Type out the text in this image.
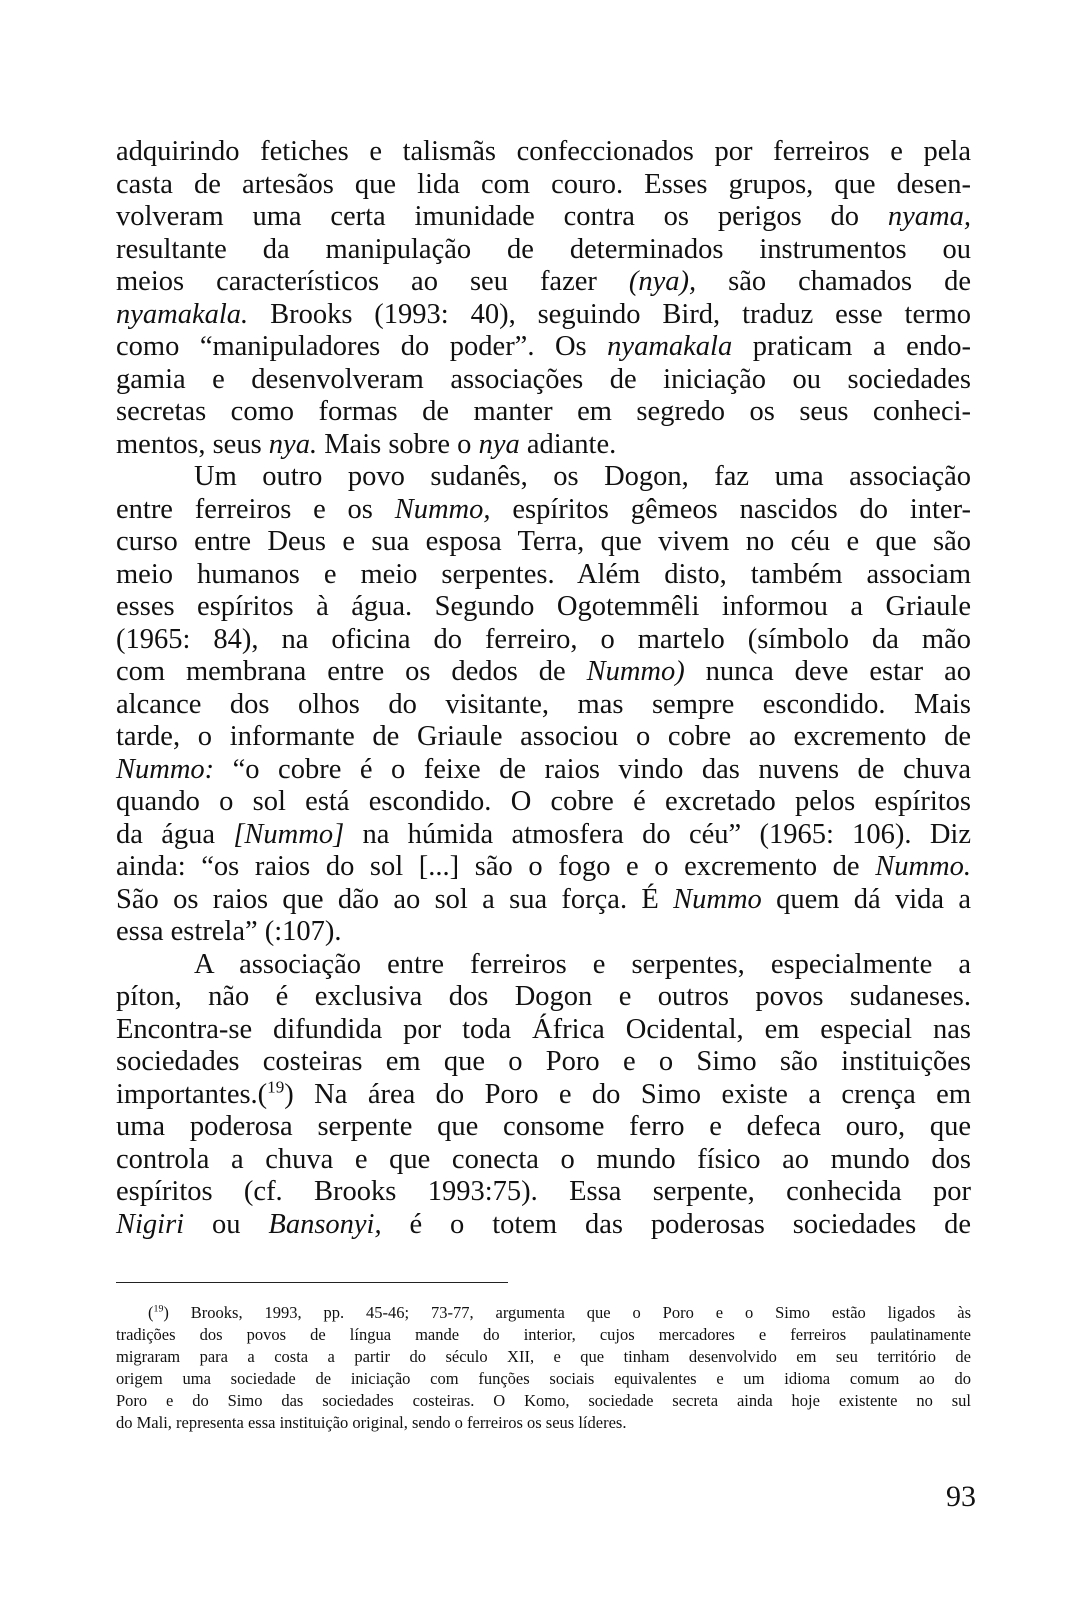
adquirindo fetiches e talismãs confeccionados por ferreiros e pela
casta de artesãos que lida com couro. Esses grupos, que desen-
volveram uma certa imunidade contra os perigos do nyama,
resultante da manipulação de determinados instrumentos ou
meios característicos ao seu fazer (nya), são chamados de
nyamakala. Brooks (1993: 40), seguindo Bird, traduz esse termo
como “manipuladores do poder”. Os nyamakala praticam a endo-
gamia e desenvolveram associações de iniciação ou sociedades
secretas como formas de manter em segredo os seus conheci-
mentos, seus nya. Mais sobre o nya adiante.
Um outro povo sudanês, os Dogon, faz uma associação
entre ferreiros e os Nummo, espíritos gêmeos nascidos do inter-
curso entre Deus e sua esposa Terra, que vivem no céu e que são
meio humanos e meio serpentes. Além disto, também associam
esses espíritos à água. Segundo Ogotemmêli informou a Griaule
(1965: 84), na oficina do ferreiro, o martelo (símbolo da mão
com membrana entre os dedos de Nummo) nunca deve estar ao
alcance dos olhos do visitante, mas sempre escondido. Mais
tarde, o informante de Griaule associou o cobre ao excremento de
Nummo: “o cobre é o feixe de raios vindo das nuvens de chuva
quando o sol está escondido. O cobre é excretado pelos espíritos
da água [Nummo] na húmida atmosfera do céu” (1965: 106). Diz
ainda: “os raios do sol [...] são o fogo e o excremento de Nummo.
São os raios que dão ao sol a sua força. É Nummo quem dá vida a
essa estrela” (:107).
A associação entre ferreiros e serpentes, especialmente a
píton, não é exclusiva dos Dogon e outros povos sudaneses.
Encontra-se difundida por toda África Ocidental, em especial nas
sociedades costeiras em que o Poro e o Simo são instituições
importantes.($^{19}$) Na área do Poro e do Simo existe a crença em
uma poderosa serpente que consome ferro e defeca ouro, que
controla a chuva e que conecta o mundo físico ao mundo dos
espíritos (cf. Brooks 1993:75). Essa serpente, conhecida por
Nigiri ou Bansonyi, é o totem das poderosas sociedades de
($^{19}$) Brooks, 1993, pp. 45-46; 73-77, argumenta que o Poro e o Simo estão ligados às
tradições dos povos de língua mande do interior, cujos mercadores e ferreiros paulatinamente
migraram para a costa a partir do século XII, e que tinham desenvolvido em seu território de
origem uma sociedade de iniciação com funções sociais equivalentes e um idioma comum ao do
Poro e do Simo das sociedades costeiras. O Komo, sociedade secreta ainda hoje existente no sul
do Mali, representa essa instituição original, sendo o ferreiros os seus líderes.
93
